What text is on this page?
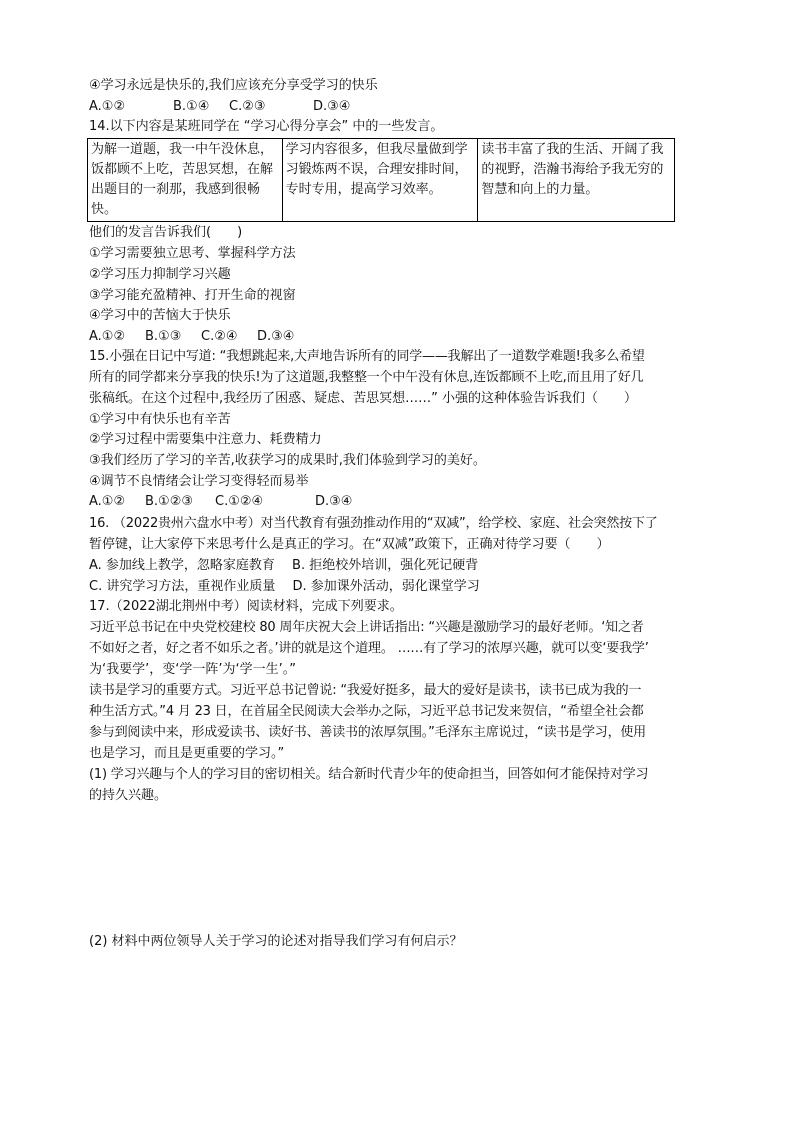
④学习永远是快乐的,我们应该充分享受学习的快乐
A.①②	B.①④ C.②③	D.③④
14.以下内容是某班同学在 “学习心得分享会” 中的一些发言。
为解一道题，我一中午没休息，饭都顾不上吃，苦思冥想，在解出题目的一刹那，我感到很畅快。	学习内容很多，但我尽量做到学习锻炼两不误，合理安排时间，专时专用，提高学习效率。	读书丰富了我的生活、开阔了我的视野，浩瀚书海给予我无穷的智慧和向上的力量。
他们的发言告诉我们(　　)
①学习需要独立思考、掌握科学方法
②学习压力抑制学习兴趣
③学习能充盈精神、打开生命的视窗
④学习中的苦恼大于快乐
A.①② B.①③ C.②④ D.③④
15.小强在日记中写道: “我想跳起来,大声地告诉所有的同学——我解出了一道数学难题!我多么希望
所有的同学都来分享我的快乐!为了这道题,我整整一个中午没有休息,连饭都顾不上吃,而且用了好几
张稿纸。在这个过程中,我经历了困惑、疑虑、苦思冥想……” 小强的这种体验告诉我们（　　）
①学习中有快乐也有辛苦
②学习过程中需要集中注意力、耗费精力
③我们经历了学习的辛苦,收获学习的成果时,我们体验到学习的美好。
④调节不良情绪会让学习变得轻而易举
A.①② B.①②③ C.①②④	D.③④
16. （2022贵州六盘水中考）对当代教育有强劲推动作用的“双减”，给学校、家庭、社会突然按下了
暂停键，让大家停下来思考什么是真正的学习。在“双减”政策下，正确对待学习要（　　）
A. 参加线上教学，忽略家庭教育　 B. 拒绝校外培训，强化死记硬背
C. 讲究学习方法，重视作业质量　 D. 参加课外活动，弱化课堂学习
17.（2022湖北荆州中考）阅读材料，完成下列要求。
习近平总书记在中央党校建校 80 周年庆祝大会上讲话指出: “兴趣是激励学习的最好老师。‘知之者
不如好之者，好之者不如乐之者。’讲的就是这个道理。 ……有了学习的浓厚兴趣，就可以变‘要我学’
为‘我要学’，变‘学一阵’为‘学一生’。”
读书是学习的重要方式。习近平总书记曾说: “我爱好挺多，最大的爱好是读书，读书已成为我的一
种生活方式。”4 月 23 日，在首届全民阅读大会举办之际，习近平总书记发来贺信，“希望全社会都
参与到阅读中来，形成爱读书、读好书、善读书的浓厚氛围。”毛泽东主席说过，“读书是学习，使用
也是学习，而且是更重要的学习。”
(1) 学习兴趣与个人的学习目的密切相关。结合新时代青少年的使命担当，回答如何才能保持对学习
的持久兴趣。
(2) 材料中两位领导人关于学习的论述对指导我们学习有何启示？
